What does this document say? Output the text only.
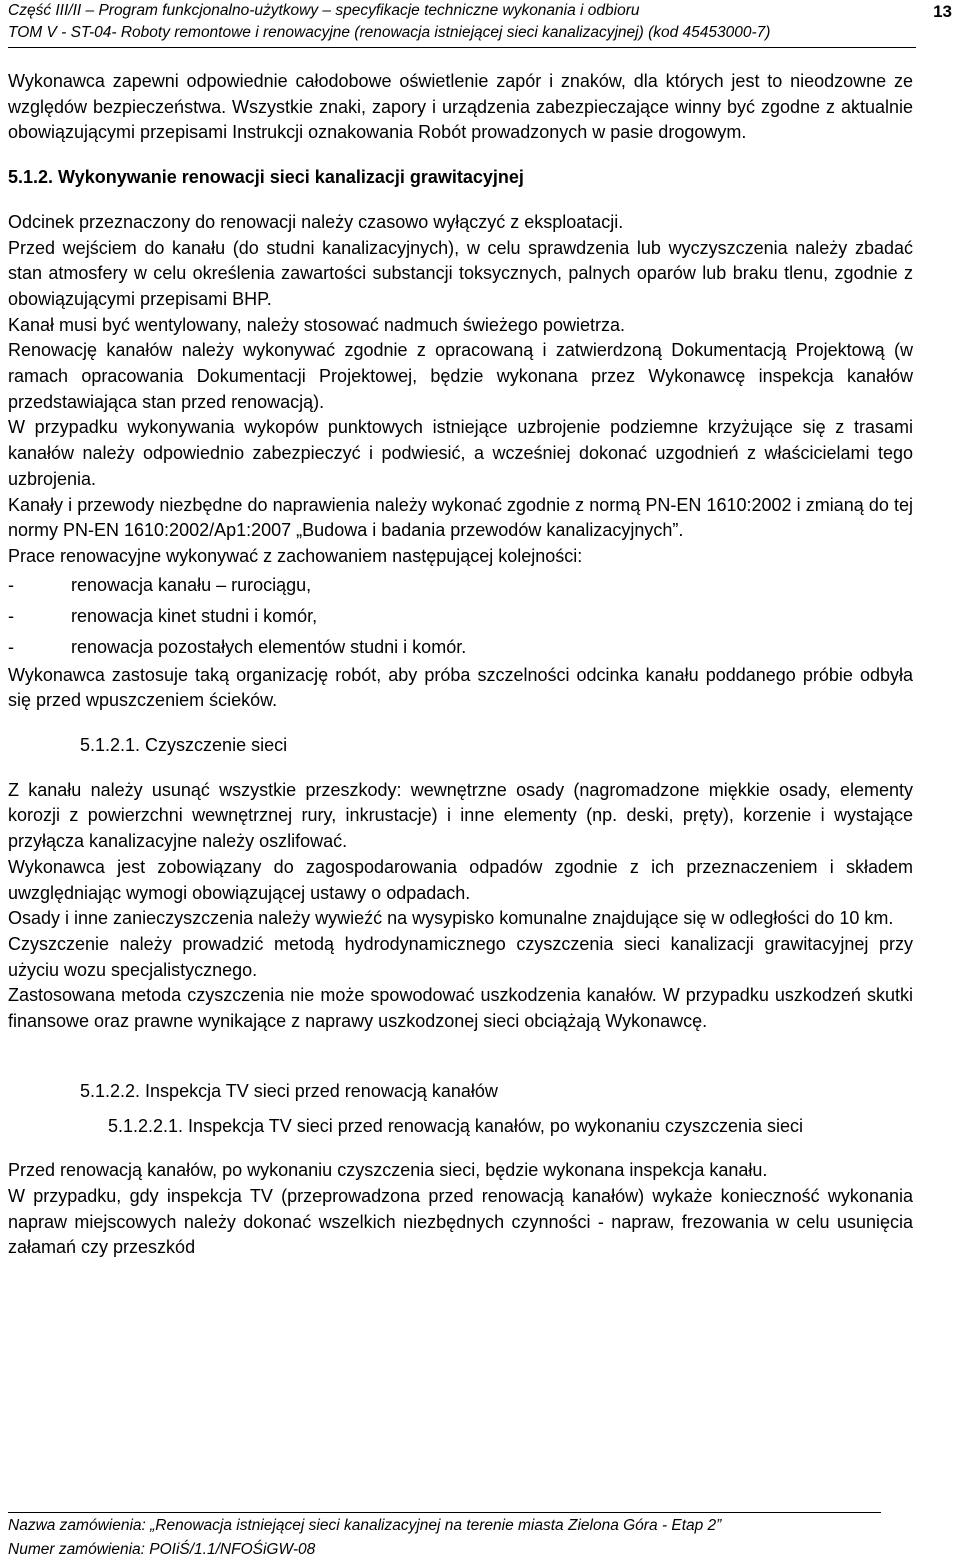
Część III/II – Program funkcjonalno-użytkowy – specyfikacje techniczne wykonania i odbioru
TOM V - ST-04- Roboty remontowe i renowacyjne (renowacja istniejącej sieci kanalizacyjnej) (kod 45453000-7)
13

Wykonawca zapewni odpowiednie całodobowe oświetlenie zapór i znaków, dla których jest to nieodzowne ze względów bezpieczeństwa. Wszystkie znaki, zapory i urządzenia zabezpieczające winny być zgodne z aktualnie obowiązującymi przepisami Instrukcji oznakowania Robót prowadzonych w pasie drogowym.

5.1.2. Wykonywanie renowacji sieci kanalizacji grawitacyjnej

Odcinek przeznaczony do renowacji należy czasowo wyłączyć z eksploatacji.

Przed wejściem do kanału (do studni kanalizacyjnych), w celu sprawdzenia lub wyczyszczenia należy zbadać stan atmosfery w celu określenia zawartości substancji toksycznych, palnych oparów lub braku tlenu, zgodnie z obowiązującymi przepisami BHP.

Kanał musi być wentylowany, należy stosować nadmuch świeżego powietrza.

Renowację kanałów należy wykonywać zgodnie z opracowaną i zatwierdzoną Dokumentacją Projektową (w ramach opracowania Dokumentacji Projektowej, będzie wykonana przez Wykonawcę inspekcja kanałów przedstawiająca stan przed renowacją).

W przypadku wykonywania wykopów punktowych istniejące uzbrojenie podziemne krzyżujące się z trasami kanałów należy odpowiednio zabezpieczyć i podwiesić, a wcześniej dokonać uzgodnień z właścicielami tego uzbrojenia.

Kanały i przewody niezbędne do naprawienia należy wykonać zgodnie z normą PN-EN 1610:2002 i zmianą do tej normy PN-EN 1610:2002/Ap1:2007 „Budowa i badania przewodów kanalizacyjnych”.

Prace renowacyjne wykonywać z zachowaniem następującej kolejności:

-	renowacja kanału – rurociągu,
-	renowacja kinet studni i komór,
-	renowacja pozostałych elementów studni i komór.

Wykonawca zastosuje taką organizację robót, aby próba szczelności odcinka kanału poddanego próbie odbyła się przed wpuszczeniem ścieków.

5.1.2.1. Czyszczenie sieci

Z kanału należy usunąć wszystkie przeszkody: wewnętrzne osady (nagromadzone miękkie osady, elementy korozji z powierzchni wewnętrznej rury, inkrustacje) i inne elementy (np. deski, pręty), korzenie i wystające przyłącza kanalizacyjne należy oszlifować.

Wykonawca jest zobowiązany do zagospodarowania odpadów zgodnie z ich przeznaczeniem i składem uwzględniając wymogi obowiązującej ustawy o odpadach.

Osady i inne zanieczyszczenia należy wywieźć na wysypisko komunalne znajdujące się w odległości do 10 km.

Czyszczenie należy prowadzić metodą hydrodynamicznego czyszczenia sieci kanalizacji grawitacyjnej przy użyciu wozu specjalistycznego.

Zastosowana metoda czyszczenia nie może spowodować uszkodzenia kanałów. W przypadku uszkodzeń skutki finansowe oraz prawne wynikające z naprawy uszkodzonej sieci obciążają Wykonawcę.

5.1.2.2. Inspekcja TV sieci przed renowacją kanałów

5.1.2.2.1. Inspekcja TV sieci przed renowacją kanałów, po wykonaniu czyszczenia sieci

Przed renowacją kanałów, po wykonaniu czyszczenia sieci, będzie wykonana inspekcja kanału.

W przypadku, gdy inspekcja TV (przeprowadzona przed renowacją kanałów) wykaże konieczność wykonania napraw miejscowych należy dokonać wszelkich niezbędnych czynności - napraw, frezowania w celu usunięcia załamań czy przeszkód

Nazwa zamówienia: „Renowacja istniejącej sieci kanalizacyjnej na terenie miasta Zielona Góra - Etap 2”
Numer zamówienia: POIiŚ/1.1/NFOŚiGW-08
